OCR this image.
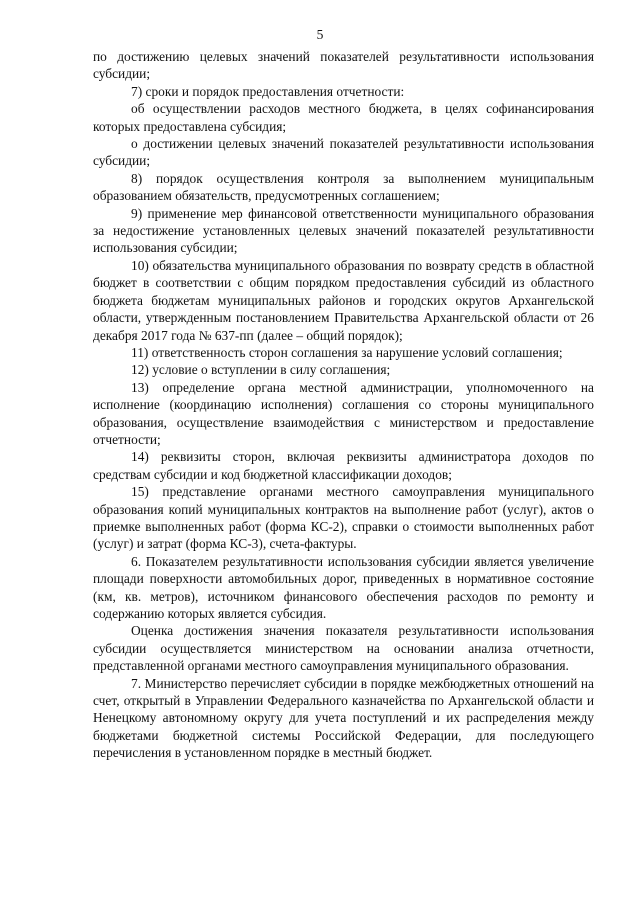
5

по достижению целевых значений показателей результативности использования субсидии;

7) сроки и порядок предоставления отчетности:

об осуществлении расходов местного бюджета, в целях софинансирования которых предоставлена субсидия;

о достижении целевых значений показателей результативности использования субсидии;

8) порядок осуществления контроля за выполнением муниципальным образованием обязательств, предусмотренных соглашением;

9) применение мер финансовой ответственности муниципального образования за недостижение установленных целевых значений показателей результативности использования субсидии;

10) обязательства муниципального образования по возврату средств в областной бюджет в соответствии с общим порядком предоставления субсидий из областного бюджета бюджетам муниципальных районов и городских округов Архангельской области, утвержденным постановлением Правительства Архангельской области от 26 декабря 2017 года № 637-пп (далее – общий порядок);

11) ответственность сторон соглашения за нарушение условий соглашения;

12) условие о вступлении в силу соглашения;

13) определение органа местной администрации, уполномоченного на исполнение (координацию исполнения) соглашения со стороны муниципального образования, осуществление взаимодействия с министерством и предоставление отчетности;

14) реквизиты сторон, включая реквизиты администратора доходов по средствам субсидии и код бюджетной классификации доходов;

15) представление органами местного самоуправления муниципального образования копий муниципальных контрактов на выполнение работ (услуг), актов о приемке выполненных работ (форма КС-2), справки о стоимости выполненных работ (услуг) и затрат (форма КС-3), счета-фактуры.

6. Показателем результативности использования субсидии является увеличение площади поверхности автомобильных дорог, приведенных в нормативное состояние (км, кв. метров), источником финансового обеспечения расходов по ремонту и содержанию которых является субсидия.

Оценка достижения значения показателя результативности использования субсидии осуществляется министерством на основании анализа отчетности, представленной органами местного самоуправления муниципального образования.

7. Министерство перечисляет субсидии в порядке межбюджетных отношений на счет, открытый в Управлении Федерального казначейства по Архангельской области и Ненецкому автономному округу для учета поступлений и их распределения между бюджетами бюджетной системы Российской Федерации, для последующего перечисления в установленном порядке в местный бюджет.
